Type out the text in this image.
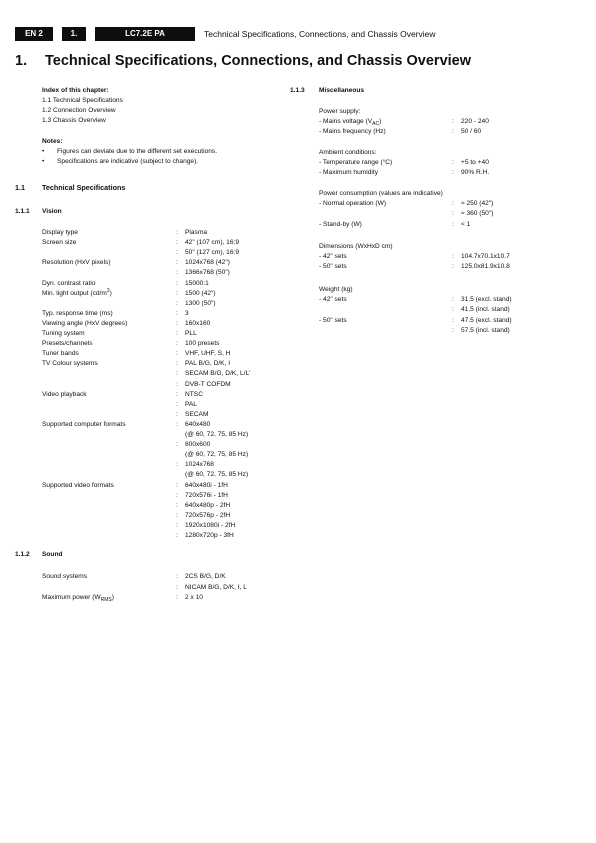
EN 2	1.	LC7.2E PA	Technical Specifications, Connections, and Chassis Overview
1. Technical Specifications, Connections, and Chassis Overview
Index of this chapter:
1.1 Technical Specifications
1.2 Connection Overview
1.3 Chassis Overview
Notes:
• Figures can deviate due to the different set executions.
• Specifications are indicative (subject to change).
1.1 Technical Specifications
1.1.1 Vision
Display type	: Plasma
Screen size	: 42" (107 cm), 16:9
: 50" (127 cm), 16:9
Resolution (HxV pixels)	: 1024x768 (42")
: 1366x768 (50")
Dyn. contrast ratio	: 15000:1
Min. light output $(cd/m^2)$	: 1500 (42")
: 1300 (50")
Typ. response time (ms)	: 3
Viewing angle (HxV degrees)	: 160x160
Tuning system	: PLL
Presets/channels	: 100 presets
Tuner bands	: VHF, UHF, S, H
TV Colour systems	: PAL B/G, D/K, I
: SECAM B/G, D/K, L/L'
: DVB-T COFDM
Video playback	: NTSC
: PAL
: SECAM
Supported computer formats	: 640x480
(@ 60, 72, 75, 85 Hz)
: 800x600
(@ 60, 72, 75, 85 Hz)
: 1024x768
(@ 60, 72, 75, 85 Hz)
Supported video formats	: 640x480i - 1fH
: 720x576i - 1fH
: 640x480p - 2fH
: 720x576p - 2fH
: 1920x1080i - 2fH
: 1280x720p - 3fH
1.1.2 Sound
Sound systems	: 2CS B/G, D/K
: NICAM B/G, D/K, I, L
Maximum power $(W_{RMS})$	: 2 x 10
1.1.3 Miscellaneous
Power supply:
- Mains voltage $(V_{AC})$	: 220 - 240
- Mains frequency (Hz)	: 50 / 60
Ambient conditions:
- Temperature range (°C)	: +5 to +40
- Maximum humidity	: 90% R.H.
Power consumption (values are indicative)
- Normal operation (W)	: ≈ 250 (42")
: ≈ 360 (50")
- Stand-by (W)	: < 1
Dimensions (WxHxD cm)
- 42" sets	: 104.7x70.1x10.7
- 50" sets	: 125.0x81.9x10.8
Weight (kg)
- 42" sets	: 31.5 (excl. stand)
: 41.5 (incl. stand)
- 50" sets	: 47.5 (excl. stand)
: 57.5 (incl. stand)
